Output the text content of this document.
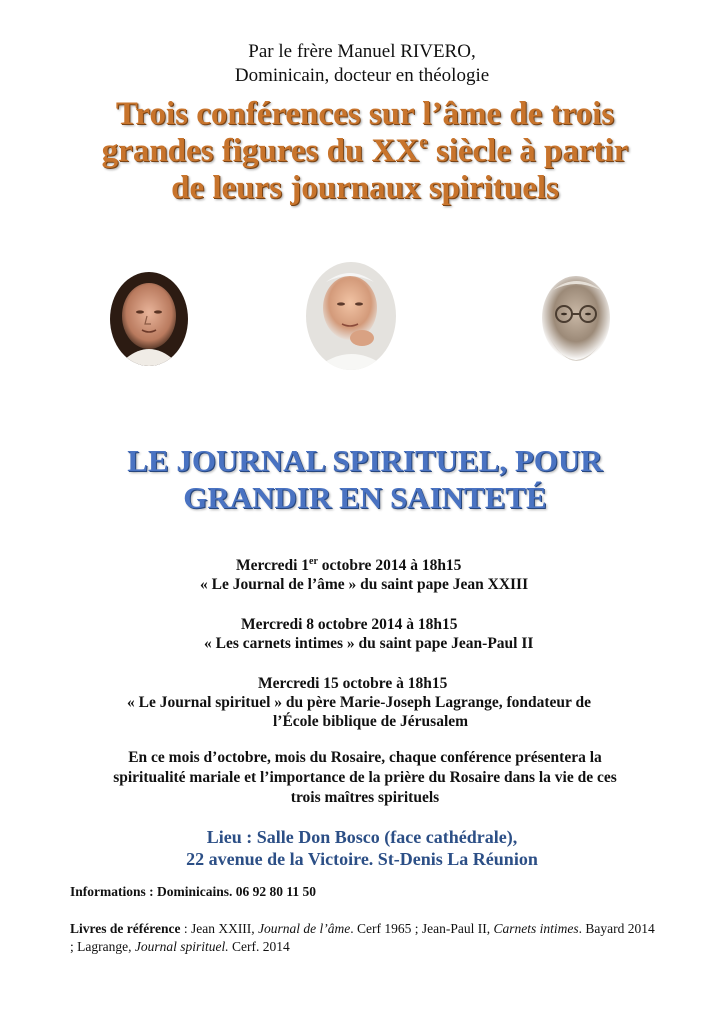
Par le frère Manuel RIVERO,
Dominicain, docteur en théologie
Trois conférences sur l’âme de trois
grandes figures du XXe siècle à partir
de leurs journaux spirituels
LE JOURNAL SPIRITUEL, POUR
GRANDIR EN SAINTETÉ
Mercredi 1er octobre 2014 à 18h15
« Le Journal de l’âme » du saint pape Jean XXIII
Mercredi 8 octobre 2014 à 18h15
« Les carnets intimes » du saint pape Jean-Paul II
Mercredi 15 octobre à 18h15
« Le Journal spirituel » du père Marie-Joseph Lagrange, fondateur de
l’École biblique de Jérusalem
En ce mois d’octobre, mois du Rosaire, chaque conférence présentera la
spiritualité mariale et l’importance de la prière du Rosaire dans la vie de ces
trois maîtres spirituels
Lieu : Salle Don Bosco (face cathédrale),
22 avenue de la Victoire. St-Denis La Réunion
Informations : Dominicains. 06 92 80 11 50
Livres de référence : Jean XXIII, Journal de l’âme. Cerf 1965 ; Jean-Paul II, Carnets intimes. Bayard 2014 ; Lagrange, Journal spirituel. Cerf. 2014
